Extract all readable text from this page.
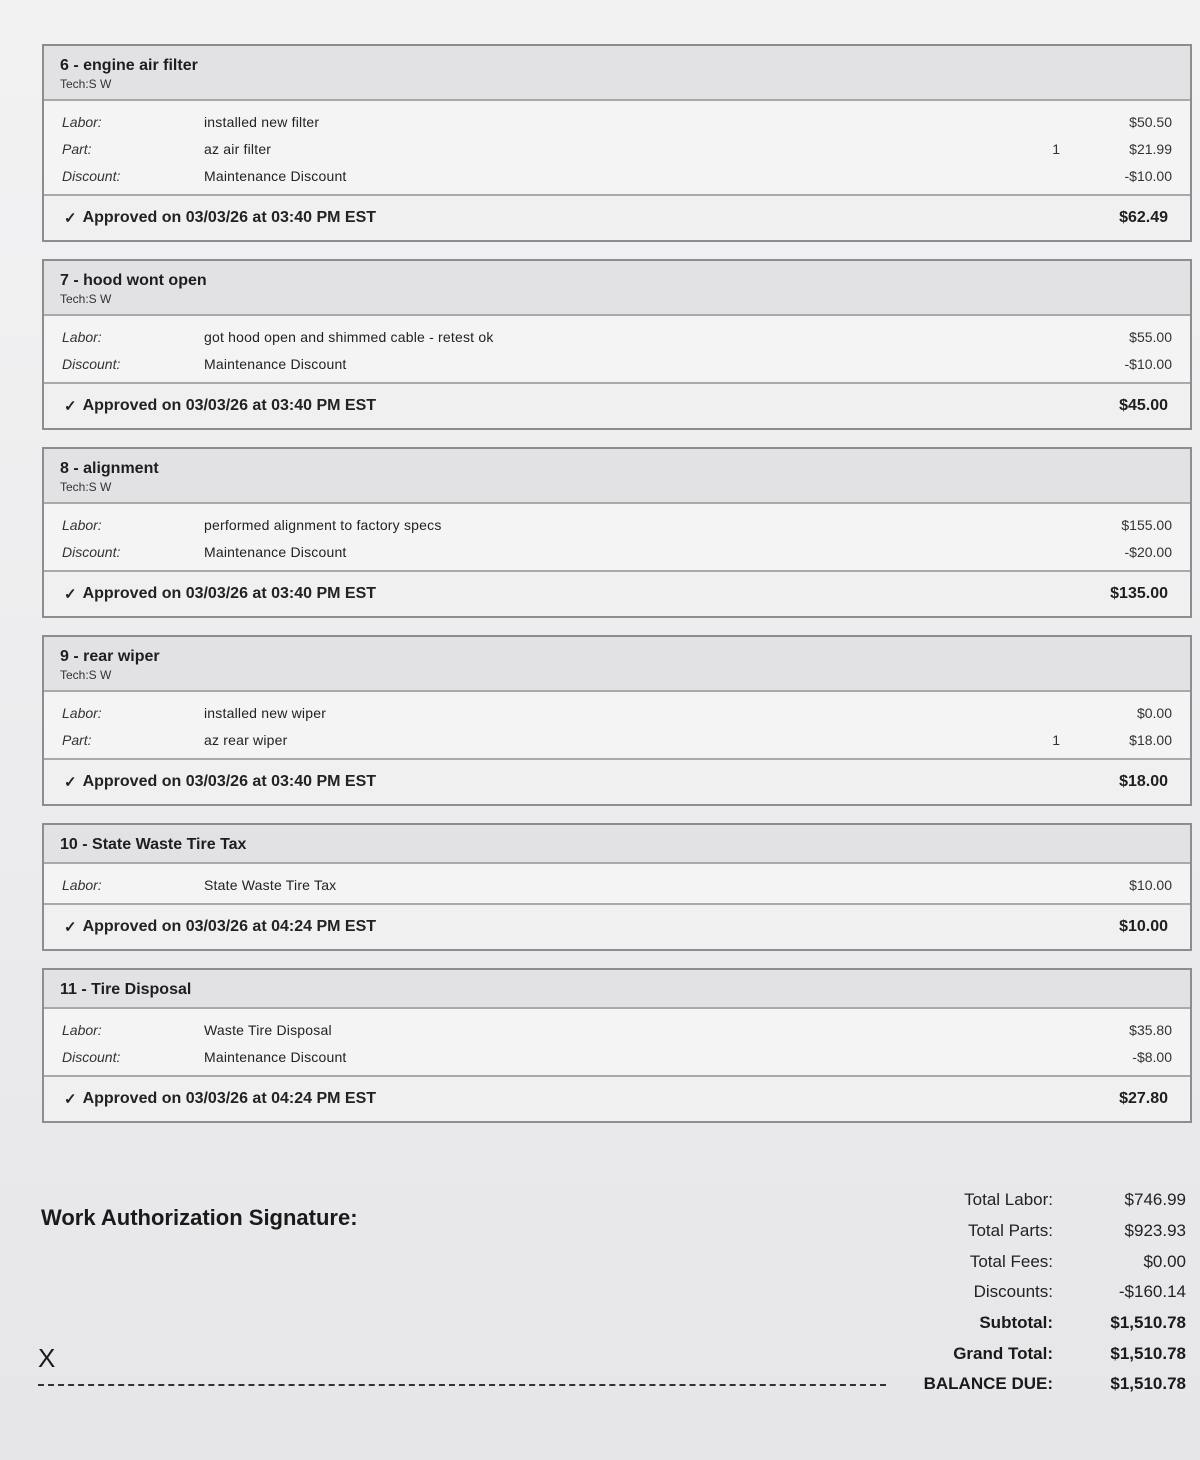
6 - engine air filter
Tech:S W
Labor:	installed new filter	$50.50
Part:	az air filter	1	$21.99
Discount:	Maintenance Discount	-$10.00
✓ Approved on 03/03/26 at 03:40 PM EST	$62.49
7 - hood wont open
Tech:S W
Labor:	got hood open and shimmed cable - retest ok	$55.00
Discount:	Maintenance Discount	-$10.00
✓ Approved on 03/03/26 at 03:40 PM EST	$45.00
8 - alignment
Tech:S W
Labor:	performed alignment to factory specs	$155.00
Discount:	Maintenance Discount	-$20.00
✓ Approved on 03/03/26 at 03:40 PM EST	$135.00
9 - rear wiper
Tech:S W
Labor:	installed new wiper	$0.00
Part:	az rear wiper	1	$18.00
✓ Approved on 03/03/26 at 03:40 PM EST	$18.00
10 - State Waste Tire Tax
Labor:	State Waste Tire Tax	$10.00
✓ Approved on 03/03/26 at 04:24 PM EST	$10.00
11 - Tire Disposal
Labor:	Waste Tire Disposal	$35.80
Discount:	Maintenance Discount	-$8.00
✓ Approved on 03/03/26 at 04:24 PM EST	$27.80
Work Authorization Signature:
X
Total Labor:	$746.99
Total Parts:	$923.93
Total Fees:	$0.00
Discounts:	-$160.14
Subtotal:	$1,510.78
Grand Total:	$1,510.78
BALANCE DUE:	$1,510.78
